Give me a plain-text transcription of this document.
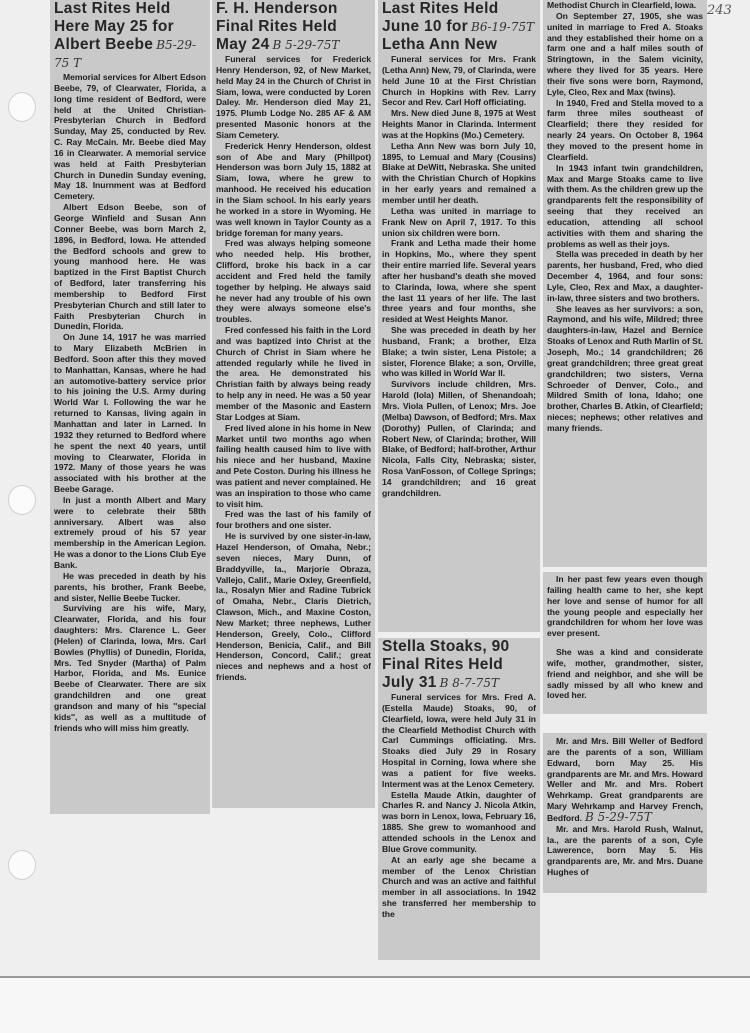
243
Last Rites Held
Here May 25 for
Albert Beebe B5-29-75 T

Memorial services for Albert Edson Beebe, 79, of Clearwater, Florida, a long time resident of Bedford, were held at the United Christian-Presbyterian Church in Bedford Sunday, May 25, conducted by Rev. C. Ray McCain. Mr. Beebe died May 16 in Clearwater. A memorial service was held at Faith Presbyterian Church in Dunedin Sunday evening, May 18. Inurnment was at Bedford Cemetery.

Albert Edson Beebe, son of George Winfield and Susan Ann Conner Beebe, was born March 2, 1896, in Bedford, Iowa. He attended the Bedford schools and grew to young manhood here. He was baptized in the First Baptist Church of Bedford, later transferring his membership to Bedford First Presbyterian Church and still later to Faith Presbyterian Church in Dunedin, Florida.

On June 14, 1917 he was married to Mary Elizabeth McBrien in Bedford. Soon after this they moved to Manhattan, Kansas, where he had an automotive-battery service prior to his joining the U.S. Army during World War I. Following the war he returned to Kansas, living again in Manhattan and later in Larned. In 1932 they returned to Bedford where he spent the next 40 years, until moving to Clearwater, Florida in 1972. Many of those years he was associated with his brother at the Beebe Garage.

In just a month Albert and Mary were to celebrate their 58th anniversary. Albert was also extremely proud of his 57 year membership in the American Legion. He was a donor to the Lions Club Eye Bank.

He was preceded in death by his parents, his brother, Frank Beebe, and sister, Nellie Beebe Tucker.

Surviving are his wife, Mary, Clearwater, Florida, and his four daughters: Mrs. Clarence L. Geer (Helen) of Clarinda, Iowa, Mrs. Carl Bowles (Phyllis) of Dunedin, Florida, Mrs. Ted Snyder (Martha) of Palm Harbor, Florida, and Ms. Eunice Beebe of Clearwater. There are six grandchildren and one great grandson and many of his ''special kids'', as well as a multitude of friends who will miss him greatly.

F. H. Henderson
Final Rites Held
May 24 B 5-29-75T

Funeral services for Frederick Henry Henderson, 92, of New Market, held May 24 in the Church of Christ in Siam, Iowa, were conducted by Loren Daley. Mr. Henderson died May 21, 1975. Plumb Lodge No. 285 AF & AM presented Masonic honors at the Siam Cemetery.

Frederick Henry Henderson, oldest son of Abe and Mary (Phillpot) Henderson was born July 15, 1882 at Siam, Iowa, where he grew to manhood. He received his education in the Siam school. In his early years he worked in a store in Wyoming. He was well known in Taylor County as a bridge foreman for many years.

Fred was always helping someone who needed help. His brother, Clifford, broke his back in a car accident and Fred held the family together by helping. He always said he never had any trouble of his own they were always someone else's troubles.

Fred confessed his faith in the Lord and was baptized into Christ at the Church of Christ in Siam where he attended regularly while he lived in the area. He demonstrated his Christian faith by always being ready to help any in need. He was a 50 year member of the Masonic and Eastern Star Lodges at Siam.

Fred lived alone in his home in New Market until two months ago when failing health caused him to live with his niece and her husband, Maxine and Pete Coston. During his illness he was patient and never complained. He was an inspiration to those who came to visit him.

Fred was the last of his family of four brothers and one sister.

He is survived by one sister-in-law, Hazel Henderson, of Omaha, Nebr.; seven nieces, Mary Dunn, of Braddyville, Ia., Marjorie Obraza, Vallejo, Calif., Marie Oxley, Greenfield, Ia., Rosalyn Mier and Radine Tubrick of Omaha, Nebr., Claris Dietrich, Clawson, Mich., and Maxine Coston, New Market; three nephews, Luther Henderson, Greely, Colo., Clifford Henderson, Benicia, Calif., and Bill Henderson, Concord, Calif.; great nieces and nephews and a host of friends.

Last Rites Held
June 10 for B6-19-75T
Letha Ann New

Funeral services for Mrs. Frank (Letha Ann) New, 79, of Clarinda, were held June 10 at the First Christian Church in Hopkins with Rev. Larry Secor and Rev. Carl Hoff officiating.

Mrs. New died June 8, 1975 at West Heights Manor in Clarinda. Interment was at the Hopkins (Mo.) Cemetery.

Letha Ann New was born July 10, 1895, to Lemual and Mary (Cousins) Blake at DeWitt, Nebraska. She united with the Christian Church of Hopkins in her early years and remained a member until her death.

Letha was united in marriage to Frank New on April 7, 1917. To this union six children were born.

Frank and Letha made their home in Hopkins, Mo., where they spent their entire married life. Several years after her husband's death she moved to Clarinda, Iowa, where she spent the last 11 years of her life. The last three years and four months, she resided at West Heights Manor.

She was preceded in death by her husband, Frank; a brother, Elza Blake; a twin sister, Lena Pistole; a sister, Florence Blake; a son, Orville, who was killed in World War II.

Survivors include children, Mrs. Harold (Iola) Millen, of Shenandoah; Mrs. Viola Pullen, of Lenox; Mrs. Joe (Melba) Dawson, of Bedford; Mrs. Max (Dorothy) Pullen, of Clarinda; and Robert New, of Clarinda; brother, Will Blake, of Bedford; half-brother, Arthur Nicola, Falls City, Nebraska; sister, Rosa VanFosson, of College Springs; 14 grandchildren; and 16 great grandchildren.

Stella Stoaks, 90
Final Rites Held
July 31 B 8-7-75T

Funeral services for Mrs. Fred A. (Estella Maude) Stoaks, 90, of Clearfield, Iowa, were held July 31 in the Clearfield Methodist Church with Carl Cummings officiating. Mrs. Stoaks died July 29 in Rosary Hospital in Corning, Iowa where she was a patient for five weeks. Interment was at the Lenox Cemetery.

Estella Maude Atkin, daughter of Charles R. and Nancy J. Nicola Atkin, was born in Lenox, Iowa, February 16, 1885. She grew to womanhood and attended schools in the Lenox and Blue Grove community.

At an early age she became a member of the Lenox Christian Church and was an active and faithful member in all associations. In 1942 she transferred her membership to the

Methodist Church in Clearfield, Iowa.

On September 27, 1905, she was united in marriage to Fred A. Stoaks and they established their home on a farm one and a half miles south of Stringtown, in the Salem vicinity, where they lived for 35 years. Here their five sons were born, Raymond, Lyle, Cleo, Rex and Max (twins).

In 1940, Fred and Stella moved to a farm three miles southeast of Clearfield; there they resided for nearly 24 years. On October 8, 1964 they moved to the present home in Clearfield.

In 1943 infant twin grandchildren, Max and Marge Stoaks came to live with them. As the children grew up the grandparents felt the responsibility of seeing that they received an education, attending all school activities with them and sharing the problems as well as their joys.

Stella was preceded in death by her parents, her husband, Fred, who died December 4, 1964, and four sons: Lyle, Cleo, Rex and Max, a daughter-in-law, three sisters and two brothers.

She leaves as her survivors: a son, Raymond, and his wife, Mildred; three daughters-in-law, Hazel and Bernice Stoaks of Lenox and Ruth Marlin of St. Joseph, Mo.; 14 grandchildren; 26 great grandchildren; three great great grandchildren; two sisters, Verna Schroeder of Denver, Colo., and Mildred Smith of Iona, Idaho; one brother, Charles B. Atkin, of Clearfield; nieces; nephews; other relatives and many friends.

In her past few years even though failing health came to her, she kept her love and sense of humor for all the young people and especially her grandchildren for whom her love was ever present.

She was a kind and considerate wife, mother, grandmother, sister, friend and neighbor, and she will be sadly missed by all who knew and loved her.

Mr. and Mrs. Bill Weller of Bedford are the parents of a son, William Edward, born May 25. His grandparents are Mr. and Mrs. Howard Weller and Mr. and Mrs. Robert Wehrkamp. Great grandparents are Mary Wehrkamp and Harvey French, Bedford. B 5-29-75T

Mr. and Mrs. Harold Rush, Walnut, Ia., are the parents of a son, Cyle Lawerence, born May 5. His grandparents are, Mr. and Mrs. Duane Hughes of
